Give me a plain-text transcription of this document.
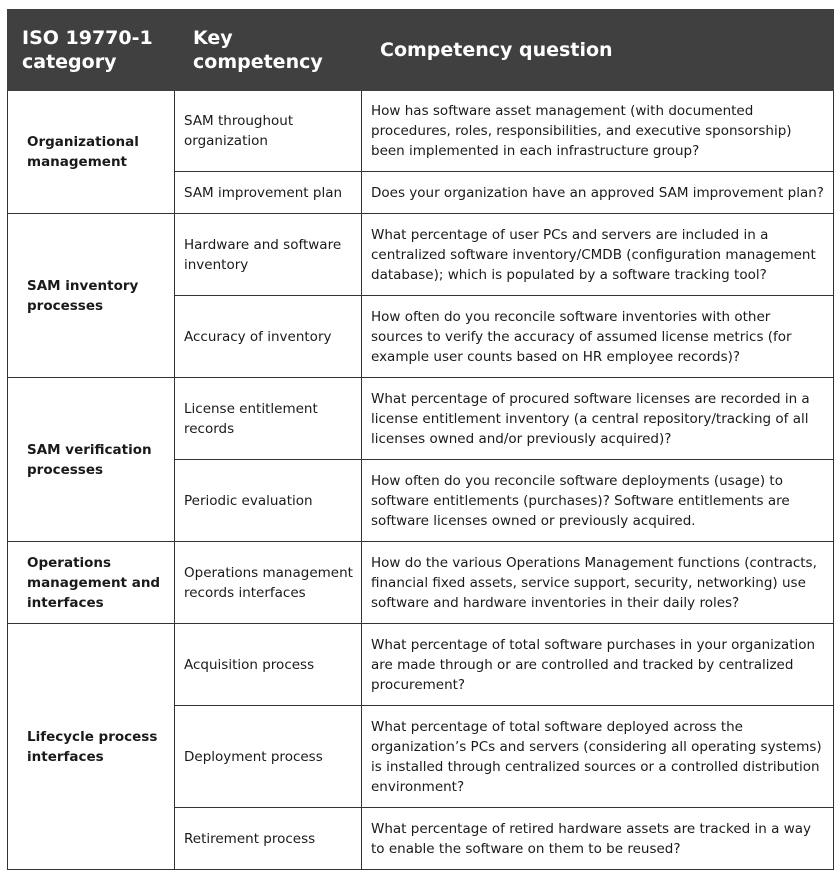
ISO 19770-1 category	Key competency	Competency question
Organizational management	SAM throughout organization	How has software asset management (with documented procedures, roles, responsibilities, and executive sponsorship) been implemented in each infrastructure group?
	SAM improvement plan	Does your organization have an approved SAM improvement plan?
SAM inventory processes	Hardware and software inventory	What percentage of user PCs and servers are included in a centralized software inventory/CMDB (configuration management database); which is populated by a software tracking tool?
	Accuracy of inventory	How often do you reconcile software inventories with other sources to verify the accuracy of assumed license metrics (for example user counts based on HR employee records)?
SAM verification processes	License entitlement records	What percentage of procured software licenses are recorded in a license entitlement inventory (a central repository/tracking of all licenses owned and/or previously acquired)?
	Periodic evaluation	How often do you reconcile software deployments (usage) to software entitlements (purchases)? Software entitlements are software licenses owned or previously acquired.
Operations management and interfaces	Operations management records interfaces	How do the various Operations Management functions (contracts, financial fixed assets, service support, security, networking) use software and hardware inventories in their daily roles?
Lifecycle process interfaces	Acquisition process	What percentage of total software purchases in your organization are made through or are controlled and tracked by centralized procurement?
	Deployment process	What percentage of total software deployed across the organization’s PCs and servers (considering all operating systems) is installed through centralized sources or a controlled distribution environment?
	Retirement process	What percentage of retired hardware assets are tracked in a way to enable the software on them to be reused?
